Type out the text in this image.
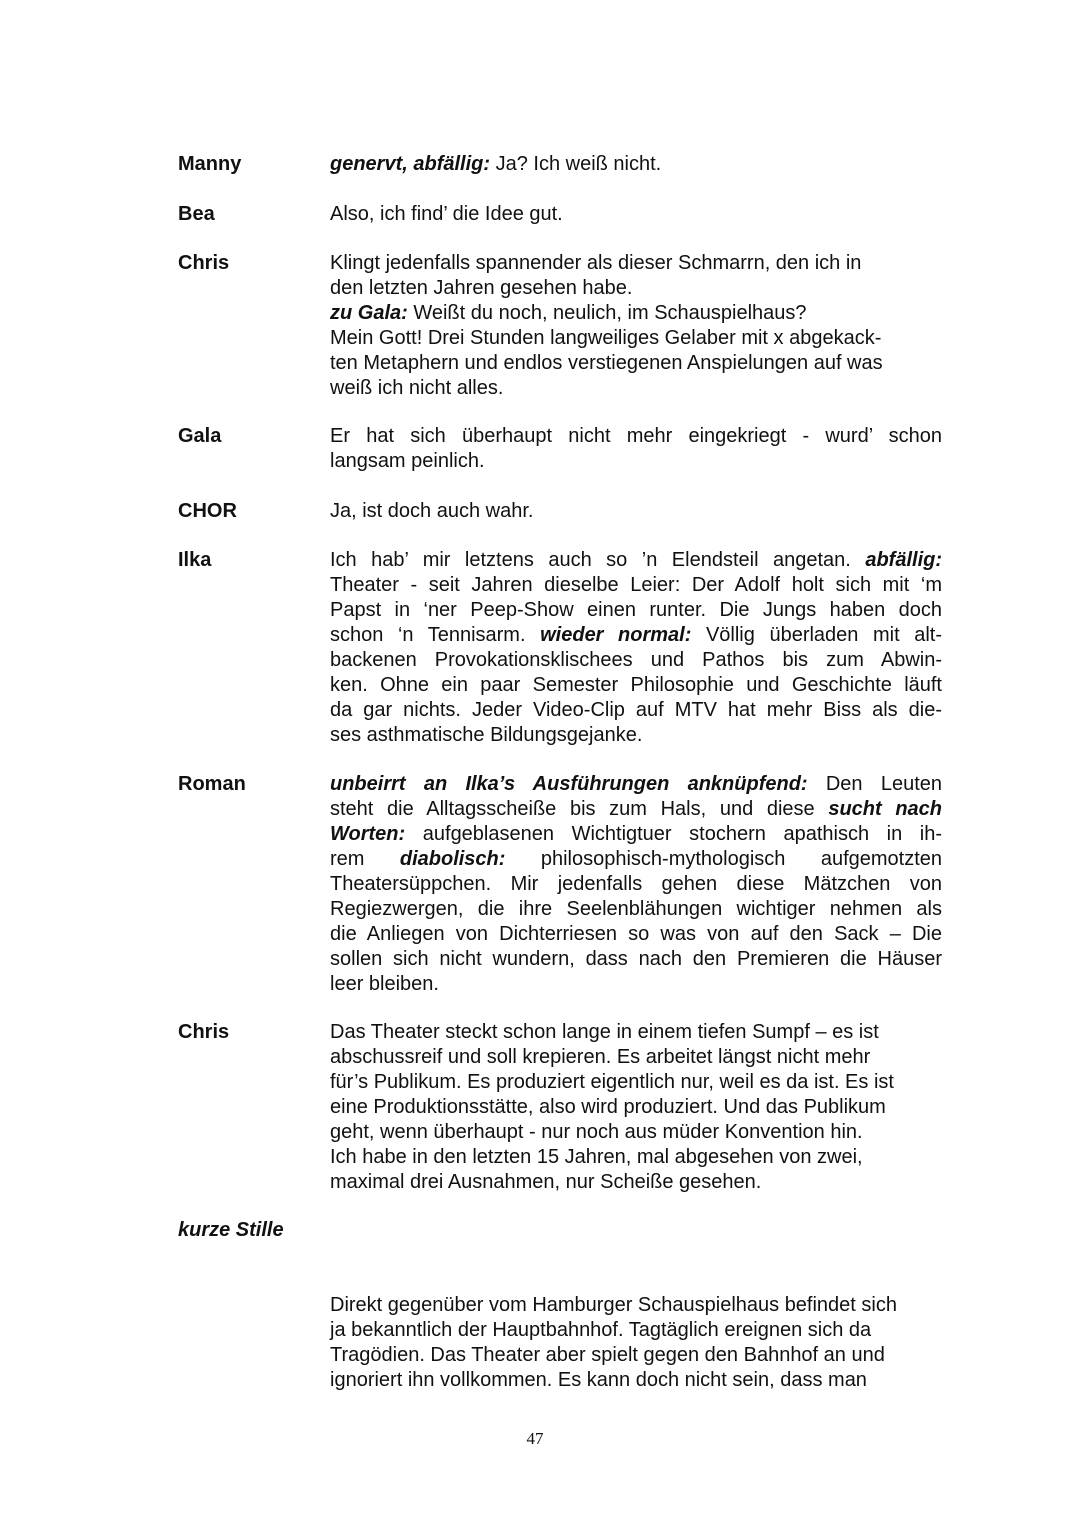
Manny	genervt, abfällig: Ja? Ich weiß nicht.
Bea	Also, ich find’ die Idee gut.
Chris	Klingt jedenfalls spannender als dieser Schmarrn, den ich in
den letzten Jahren gesehen habe.
zu Gala: Weißt du noch, neulich, im Schauspielhaus?
Mein Gott! Drei Stunden langweiliges Gelaber mit x abgekack-
ten Metaphern und endlos verstiegenen Anspielungen auf was
weiß ich nicht alles.
Gala	Er hat sich überhaupt nicht mehr eingekriegt - wurd’ schon
langsam peinlich.
CHOR	Ja, ist doch auch wahr.
Ilka	Ich hab’ mir letztens auch so ’n Elendsteil angetan. abfällig:
Theater - seit Jahren dieselbe Leier: Der Adolf holt sich mit ‘m
Papst in ‘ner Peep-Show einen runter. Die Jungs haben doch
schon ‘n Tennisarm. wieder normal: Völlig überladen mit alt-
backenen Provokationsklischees und Pathos bis zum Abwin-
ken. Ohne ein paar Semester Philosophie und Geschichte läuft
da gar nichts. Jeder Video-Clip auf MTV hat mehr Biss als die-
ses asthmatische Bildungsgejanke.
Roman	unbeirrt an Ilka’s Ausführungen anknüpfend: Den Leuten
steht die Alltagsscheiße bis zum Hals, und diese sucht nach
Worten: aufgeblasenen Wichtigtuer stochern apathisch in ih-
rem diabolisch: philosophisch-mythologisch aufgemotzten
Theatersüppchen. Mir jedenfalls gehen diese Mätzchen von
Regiezwergen, die ihre Seelenblähungen wichtiger nehmen als
die Anliegen von Dichterriesen so was von auf den Sack – Die
sollen sich nicht wundern, dass nach den Premieren die Häuser
leer bleiben.
Chris	Das Theater steckt schon lange in einem tiefen Sumpf – es ist
abschussreif und soll krepieren. Es arbeitet längst nicht mehr
für’s Publikum. Es produziert eigentlich nur, weil es da ist. Es ist
eine Produktionsstätte, also wird produziert. Und das Publikum
geht, wenn überhaupt - nur noch aus müder Konvention hin.
Ich habe in den letzten 15 Jahren, mal abgesehen von zwei,
maximal drei Ausnahmen, nur Scheiße gesehen.
kurze Stille
Direkt gegenüber vom Hamburger Schauspielhaus befindet sich
ja bekanntlich der Hauptbahnhof. Tagtäglich ereignen sich da
Tragödien. Das Theater aber spielt gegen den Bahnhof an und
ignoriert ihn vollkommen. Es kann doch nicht sein, dass man
47
